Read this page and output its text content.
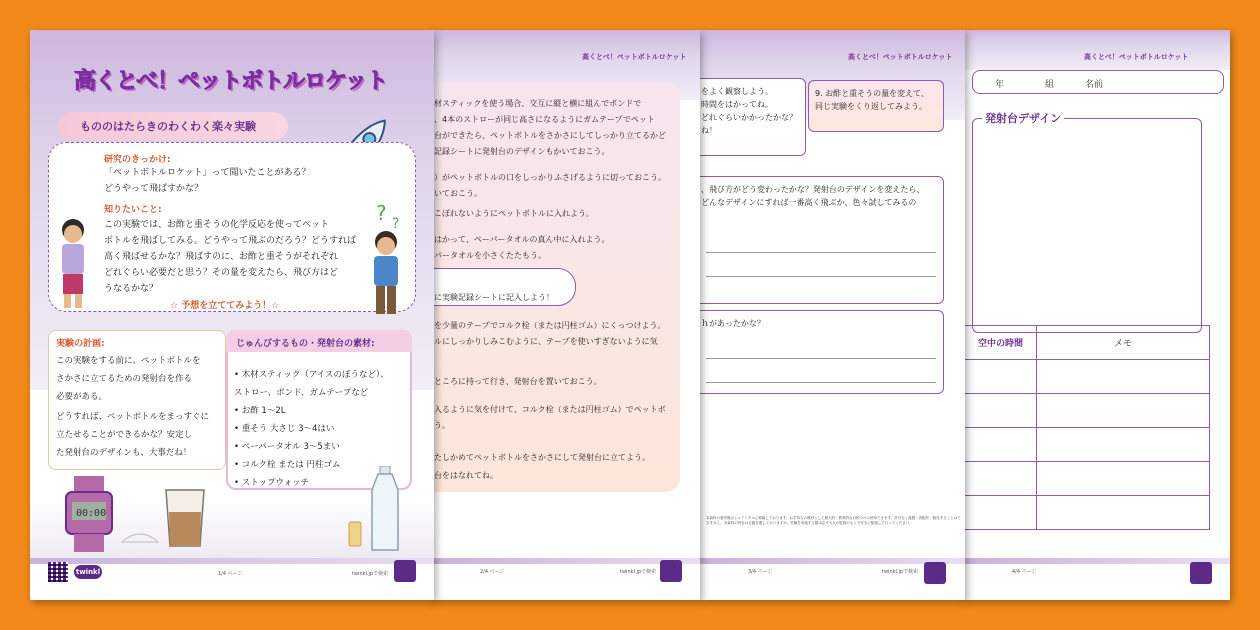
高くとべ！ペットボトルロケット
年	組	名前
発射台デザイン
空中の時間	メモ

4/4 ページ
高くとべ！ペットボトルロケット
をよく観察しよう。
時間をはかってね。
どれぐらいかかったかな？
ね！
9. お酢と重そうの量を変えて、
同じ実験をくり返してみよう。
、飛び方がどう変わったかな？発射台のデザインを変えたら、
どんなデザインにすれば一番高く飛ぶか、色々試してみるの
ｈがあったかな？
本資料の著作権はトゥインクルに帰属しております。お手持ちの教材として個人的・教育的な目的でのみ使用できます。許可なく複製・再配布・販売することはできません。本資料の内容は正確を期しておりますが、実験を実施する際は必ず大人の監督のもとで安全に配慮して行ってください。
3/4 ページ	twinkl.jpで検索
高くとべ！ペットボトルロケット
材スティックを使う場合、交互に縦と横に組んでボンドで
、4本のストローが同じ高さになるようにガムテープでペット
台ができたら、ペットボトルをさかさにしてしっかり立てるかど
記録シートに発射台のデザインもかいておこう。
）がペットボトルの口をしっかりふさげるように切っておこう。
いておこう。
こぼれないようにペットボトルに入れよう。
はかって、ペーパータオルの真ん中に入れよう。
パータオルを小さくたたもう。
に実験記録シートに記入しよう！
を少量のテープでコルク栓（または円柱ゴム）にくっつけよう。
ルにしっかりしみこむように、テープを使いすぎないように気
ところに持って行き、発射台を置いておこう。
入るように気を付けて、コルク栓（または円柱ゴム）でペットボ
う。
たしかめてペットボトルをさかさにして発射台に立てよう。
台をはなれてね。
2/4 ページ	twinkl.jpで検索
高くとべ！ペットボトルロケット
もののはたらきのわくわく楽々実験
研究のきっかけ:
「ペットボトルロケット」って聞いたことがある？
どうやって飛ばすかな？
知りたいこと:
この実験では、お酢と重そうの化学反応を使ってペット
ボトルを飛ばしてみる。どうやって飛ぶのだろう？どうすれば
高く飛ばせるかな？飛ばすのに、お酢と重そうがそれぞれ
どれぐらい必要だと思う？その量を変えたら、飛び方はど
うなるかな？
☆ 予想を立ててみよう！☆
? ?
実験の計画:
この実験をする前に、ペットボトルを
さかさに立てるための発射台を作る
必要がある。
どうすれば、ペットボトルをまっすぐに
立たせることができるかな？安定し
た発射台のデザインも、大事だね！
じゅんびするもの・発射台の素材:
• 木材スティック（アイスのぼうなど）、
ストロー、ボンド、ガムテープなど
• お酢 1〜2L
• 重そう 大さじ 3〜4はい
• ペーパータオル 3〜5まい
• コルク栓 または 円柱ゴム
• ストップウォッチ
00:00
twinkl	1/4 ページ	twinkl.jpで検索
